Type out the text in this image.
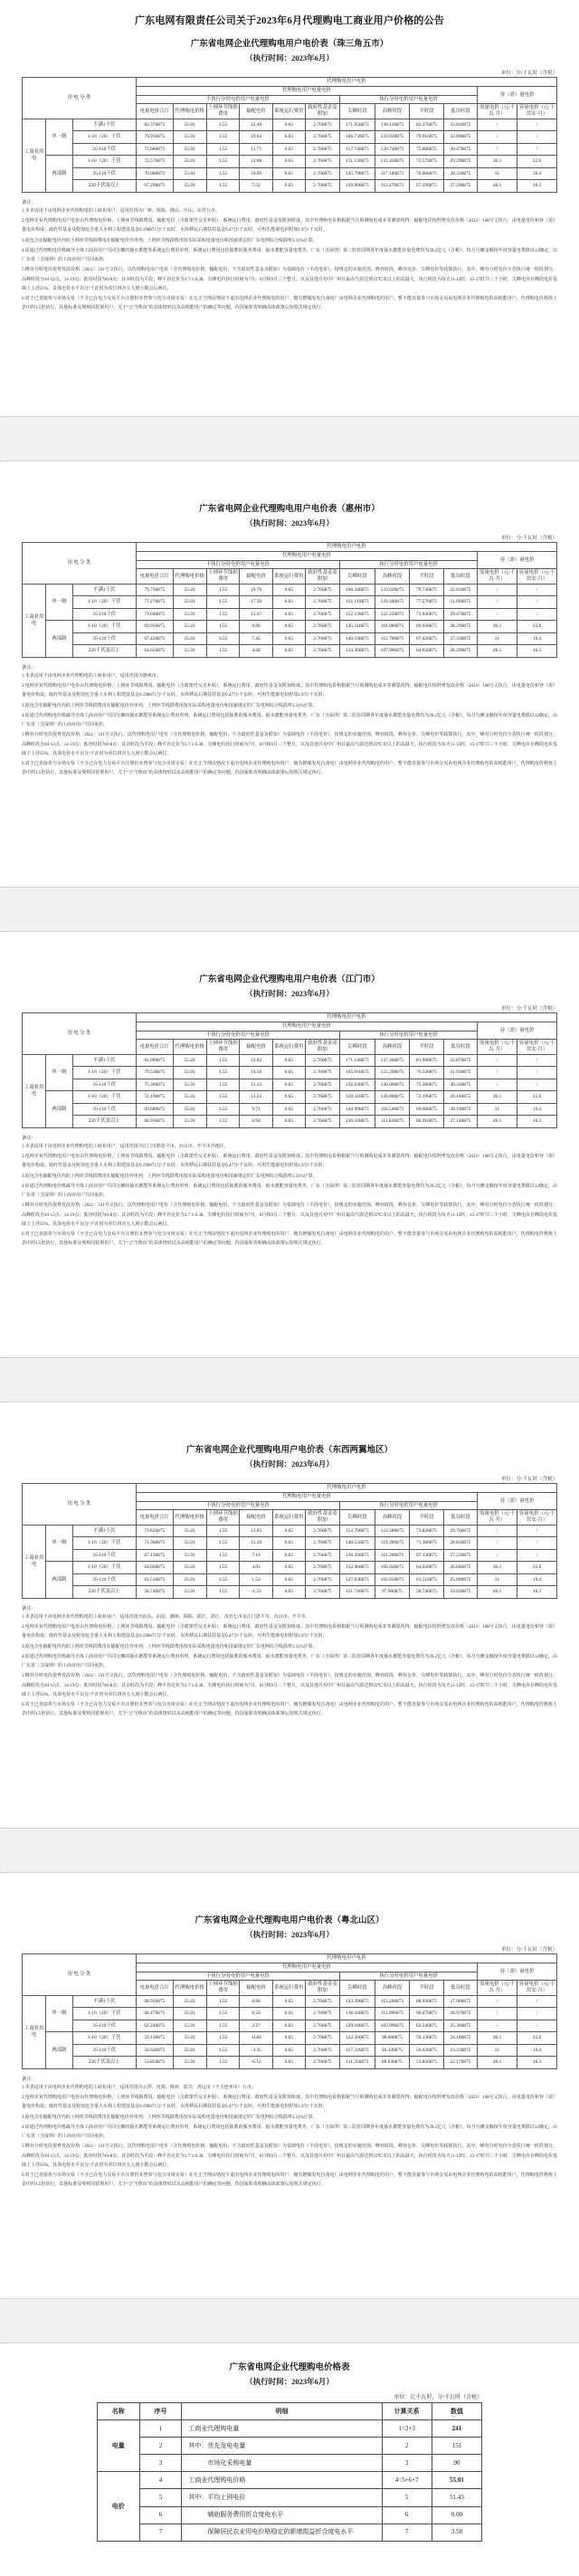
广东电网有限责任公司关于2023年6月代理购电工商业用户价格的公告
广东省电网企业代理购电用户电价表（珠三角五市）
（执行时间：2023年6月）
单位：分/千瓦时（含税）
用 电 分 类			代理购电用户电价											
			代理购电用户电量电价										容（需）量电价	
			不执行分时电价用户电量电价						执行分时电价用户电量电价					
			电量电价合计	代理购电价格	上网环节线损费用	输配电价	系统运行费用	政府性基金及附加	尖峰时段	高峰时段	平时段	低谷时段	需量电价（元/千瓦·月）	容量电价（元/千伏安·月）
工商业用电	单一制	不满1千伏	82.376875	55.01	1.55	22.40	0.65	2.766875	171.956875	138.116875	82.376875	33.016875	/	/
		1-10（20）千伏	79.916875	55.01	1.55	19.94	0.65	2.766875	166.736875	133.936875	79.916875	32.096875	/	/
		35-110千伏	75.686875	55.01	1.55	15.71	0.65	2.766875	157.746875	126.746875	75.686875	30.476875	/	/
	两部制	1-10（20）千伏	72.576875	55.01	1.55	12.60	0.65	2.766875	151.136875	121.456875	72.576875	29.296875	36.1	22.6
		35-110千伏	70.066875	55.01	1.55	10.09	0.65	2.766875	145.796875	117.186875	70.066875	28.336875	31	19.4
		220千伏及以上	67.296875	55.01	1.55	7.32	0.65	2.766875	139.906875	112.476875	67.296875	27.296875	26.1	16.3
备注：

1.本表适用于由电网企业代理购电的工商业用户，适用范围为广州、珠海、佛山、中山、东莞五市。

2.电网企业代理购电用户电价由代理购电价格、上网环节线损费用、输配电价（含政策性交叉补贴）、系统运行费用、政府性基金及附加组成。其中代理购电价格根据当月预测购电成本等测算所得；输配电价按照粤发改价格〔2023〕148号文执行，由电量电价和容（需）量电价构成；政府性基金及附加包含重大水利工程建设基金0.196875分/千瓦时，水库移民后期扶持基金0.47分/千瓦时，可再生能源电价附加1.9分/千瓦时。

3.原包含在输配电价内的上网环节线损费用在输配电价外单列，上网环节线损费用按实际采购电量电价和国家规定的广东电网综合线损率3.31%计算。

4.原通过代理购电价格疏导全体工商业用户共同分摊的抽水蓄能等系统运行费用单列，系统运行费用包括抽蓄的服务费用、抽水蓄能容量电费等，广东（含深圳）第三监管周期各年度抽水蓄能容量电费均为39.2亿元（含税），每月分摊金额按年度容量电费除以12确定，由广东省（含深圳）的工商业用户共同承担。

5.峰谷分时电价按粤发改价格〔2021〕331号文执行，以代理购电用户电价（含代理购电价格、输配电价，不含政府性基金及附加）为基础电价（平段电价），按规定的实施范围、峰谷时段、峰谷比价、尖峰电价等政策执行。其中，峰谷分时电价全省执行统一时段划分，高峰时段为10-12点、14-19点；低谷时段为0-8点；其余时段为平段；峰平谷比价为1.7:1:0.38。尖峰电价执行时间为7月、8月和9月三个整月，以及其他月份中广州日最高气温达到35℃及以上的高温天，执行时段为每天11-12时、15-17时共三个小时，尖峰电价在峰段电价基础上上浮25%。具体电价水平以分/千瓦时为单位四舍五入到小数点后两位。

6.对于已直接参与市场交易（不含已在电力交易平台注册但未曾参与电力市场交易）在无正当理由情况下退出电网企业代理购电的用户、拥有燃煤发电自备电厂由电网企业代理购电的用户、暂不能直接参与市场交易由电网企业代理购电的高耗能用户，代理购电价格按上表中的1.5倍执行，其他标准及规则同常规用户。关于“正当理由”的具体情形以及高耗能用户的确定等问题，待国家和省明确具体政策后按相关规定执行。

广东省电网企业代理购电用户电价表（惠州市）
（执行时间：2023年6月）
单位：分/千瓦时（含税）
用 电 分 类			代理购电用户电价											
			代理购电用户电量电价										容（需）量电价	
			不执行分时电价用户电量电价						执行分时电价用户电量电价					
			电量电价合计	代理购电价格	上网环节线损费用	输配电价	系统运行费用	政府性基金及附加	尖峰时段	高峰时段	平时段	低谷时段	需量电价（元/千瓦·月）	容量电价（元/千伏安·月）
工商业用电	单一制	不满1千伏	79.736875	55.01	1.55	19.76	0.65	2.766875	166.346875	133.626875	79.736875	32.016875	/	/
		1-10（20）千伏	77.276875	55.01	1.55	17.30	0.65	2.766875	161.116875	129.446875	77.276875	31.096875	/	/
		35-110千伏	73.046875	55.01	1.55	13.07	0.65	2.766875	152.136875	122.256875	73.046875	29.476875	/	/
	两部制	1-10（20）千伏	69.936875	55.01	1.55	9.96	0.65	2.766875	145.516875	116.966875	69.936875	28.296875	36.1	22.6
		35-110千伏	67.426875	55.01	1.55	7.45	0.65	2.766875	140.196875	112.706875	67.426875	27.336875	31	19.4
		220千伏及以上	64.656875	55.01	1.55	4.68	0.65	2.766875	134.306875	107.996875	64.656875	26.296875	26.1	16.3
备注：

1.本表适用于由电网企业代理购电的工商业用户，适用范围为惠州市。

2.电网企业代理购电用户电价由代理购电价格、上网环节线损费用、输配电价（含政策性交叉补贴）、系统运行费用、政府性基金及附加组成。其中代理购电价格根据当月预测购电成本等测算所得；输配电价按照粤发改价格〔2023〕148号文执行，由电量电价和容（需）量电价构成；政府性基金及附加包含重大水利工程建设基金0.196875分/千瓦时，水库移民后期扶持基金0.47分/千瓦时，可再生能源电价附加1.9分/千瓦时。

3.原包含在输配电价内的上网环节线损费用在输配电价外单列，上网环节线损费用按实际采购电量电价和国家规定的广东电网综合线损率3.31%计算。

4.原通过代理购电价格疏导全体工商业用户共同分摊的抽水蓄能等系统运行费用单列，系统运行费用包括抽蓄的服务费用、抽水蓄能容量电费等，广东（含深圳）第三监管周期各年度抽水蓄能容量电费均为39.2亿元（含税），每月分摊金额按年度容量电费除以12确定，由广东省（含深圳）的工商业用户共同承担。

5.峰谷分时电价按粤发改价格〔2021〕331号文执行，以代理购电用户电价（含代理购电价格、输配电价，不含政府性基金及附加）为基础电价（平段电价），按规定的实施范围、峰谷时段、峰谷比价、尖峰电价等政策执行。其中，峰谷分时电价全省执行统一时段划分，高峰时段为10-12点、14-19点；低谷时段为0-8点；其余时段为平段；峰平谷比价为1.7:1:0.38。尖峰电价执行时间为7月、8月和9月三个整月，以及其他月份中广州日最高气温达到35℃及以上的高温天，执行时段为每天11-12时、15-17时共三个小时，尖峰电价在峰段电价基础上上浮25%。具体电价水平以分/千瓦时为单位四舍五入到小数点后两位。

6.对于已直接参与市场交易（不含已在电力交易平台注册但未曾参与电力市场交易）在无正当理由情况下退出电网企业代理购电的用户、拥有燃煤发电自备电厂由电网企业代理购电的用户、暂不能直接参与市场交易由电网企业代理购电的高耗能用户，代理购电价格按上表中的1.5倍执行，其他标准及规则同常规用户。关于“正当理由”的具体情形以及高耗能用户的确定等问题，待国家和省明确具体政策后按相关规定执行。

广东省电网企业代理购电用户电价表（江门市）
（执行时间：2023年6月）
单位：分/千瓦时（含税）
用 电 分 类			代理购电用户电价											
			代理购电用户电量电价										容（需）量电价	
			不执行分时电价用户电量电价						执行分时电价用户电量电价					
			电量电价合计	代理购电价格	上网环节线损费用	输配电价	系统运行费用	政府性基金及附加	尖峰时段	高峰时段	平时段	低谷时段	需量电价（元/千瓦·月）	容量电价（元/千伏安·月）
工商业用电	单一制	不满1千伏	81.996875	55.01	1.55	22.02	0.65	2.766875	171.146875	137.466875	81.996875	32.876875	/	/
		1-10（20）千伏	79.536875	55.01	1.55	19.56	0.65	2.766875	165.916875	133.296875	79.536875	31.936875	/	/
		35-110千伏	75.306875	55.01	1.55	15.33	0.65	2.766875	156.936875	126.096875	75.306875	30.336875	/	/
	两部制	1-10（20）千伏	72.196875	55.01	1.55	12.22	0.65	2.766875	150.316875	120.806875	72.196875	29.146875	36.1	22.6
		35-110千伏	69.686875	55.01	1.55	9.71	0.65	2.766875	144.996875	116.546875	69.686875	28.196875	31	19.4
		220千伏及以上	66.916875	55.01	1.55	6.94	0.65	2.766875	139.106875	111.836875	66.916875	27.146875	26.1	16.3
备注：

1.本表适用于由电网企业代理购电的工商业用户，适用范围为江门市除恩平市、台山市、开平市外地区。

2.电网企业代理购电用户电价由代理购电价格、上网环节线损费用、输配电价（含政策性交叉补贴）、系统运行费用、政府性基金及附加组成。其中代理购电价格根据当月预测购电成本等测算所得；输配电价按照粤发改价格〔2023〕148号文执行，由电量电价和容（需）量电价构成；政府性基金及附加包含重大水利工程建设基金0.196875分/千瓦时，水库移民后期扶持基金0.47分/千瓦时，可再生能源电价附加1.9分/千瓦时。

3.原包含在输配电价内的上网环节线损费用在输配电价外单列，上网环节线损费用按实际采购电量电价和国家规定的广东电网综合线损率3.31%计算。

4.原通过代理购电价格疏导全体工商业用户共同分摊的抽水蓄能等系统运行费用单列，系统运行费用包括抽蓄的服务费用、抽水蓄能容量电费等，广东（含深圳）第三监管周期各年度抽水蓄能容量电费均为39.2亿元（含税），每月分摊金额按年度容量电费除以12确定，由广东省（含深圳）的工商业用户共同承担。

5.峰谷分时电价按粤发改价格〔2021〕331号文执行，以代理购电用户电价（含代理购电价格、输配电价，不含政府性基金及附加）为基础电价（平段电价），按规定的实施范围、峰谷时段、峰谷比价、尖峰电价等政策执行。其中，峰谷分时电价全省执行统一时段划分，高峰时段为10-12点、14-19点；低谷时段为0-8点；其余时段为平段；峰平谷比价为1.7:1:0.38。尖峰电价执行时间为7月、8月和9月三个整月，以及其他月份中广州日最高气温达到35℃及以上的高温天，执行时段为每天11-12时、15-17时共三个小时，尖峰电价在峰段电价基础上上浮25%。具体电价水平以分/千瓦时为单位四舍五入到小数点后两位。

6.对于已直接参与市场交易（不含已在电力交易平台注册但未曾参与电力市场交易）在无正当理由情况下退出电网企业代理购电的用户、拥有燃煤发电自备电厂由电网企业代理购电的用户、暂不能直接参与市场交易由电网企业代理购电的高耗能用户，代理购电价格按上表中的1.5倍执行，其他标准及规则同常规用户。关于“正当理由”的具体情形以及高耗能用户的确定等问题，待国家和省明确具体政策后按相关规定执行。

广东省电网企业代理购电用户电价表（东西两翼地区）
（执行时间：2023年6月）
单位：分/千瓦时（含税）
用 电 分 类			代理购电用户电价											
			代理购电用户电量电价										容（需）量电价	
			不执行分时电价用户电量电价						执行分时电价用户电量电价					
			电量电价合计	代理购电价格	上网环节线损费用	输配电价	系统运行费用	政府性基金及附加	尖峰时段	高峰时段	平时段	低谷时段	需量电价（元/千瓦·月）	容量电价（元/千伏安·月）
工商业用电	单一制	不满1千伏	73.826875	55.01	1.55	13.85	0.65	2.766875	153.796875	123.586875	73.826875	29.766875	/	/
		1-10（20）千伏	71.366875	55.01	1.55	11.39	0.65	2.766875	148.556875	119.396875	71.366875	28.836875	/	/
		35-110千伏	67.136875	55.01	1.55	7.16	0.65	2.766875	139.566875	112.206875	67.136875	27.226875	/	/
	两部制	1-10（20）千伏	64.026875	55.01	1.55	4.05	0.65	2.766875	132.966875	106.926875	64.026875	26.046875	36.1	22.6
		35-110千伏	61.516875	55.01	1.55	1.54	0.65	2.766875	127.636875	102.656875	61.516875	25.096875	31	19.4
		220千伏及以上	58.746875	55.01	1.55	-1.23	0.65	2.766875	121.746875	97.966875	58.746875	24.036875	26.1	16.3
备注：

1.本表适用于由电网企业代理购电的工商业用户，适用范围为汕头、汕尾、潮州、揭阳、阳江、湛江、茂名七市及江门恩平市、台山市、开平市。

2.电网企业代理购电用户电价由代理购电价格、上网环节线损费用、输配电价（含政策性交叉补贴）、系统运行费用、政府性基金及附加组成。其中代理购电价格根据当月预测购电成本等测算所得；输配电价按照粤发改价格〔2023〕148号文执行，由电量电价和容（需）量电价构成；政府性基金及附加包含重大水利工程建设基金0.196875分/千瓦时，水库移民后期扶持基金0.47分/千瓦时，可再生能源电价附加1.9分/千瓦时。

3.原包含在输配电价内的上网环节线损费用在输配电价外单列，上网环节线损费用按实际采购电量电价和国家规定的广东电网综合线损率3.31%计算。

4.原通过代理购电价格疏导全体工商业用户共同分摊的抽水蓄能等系统运行费用单列，系统运行费用包括抽蓄的服务费用、抽水蓄能容量电费等，广东（含深圳）第三监管周期各年度抽水蓄能容量电费均为39.2亿元（含税），每月分摊金额按年度容量电费除以12确定，由广东省（含深圳）的工商业用户共同承担。

5.峰谷分时电价按粤发改价格〔2021〕331号文执行，以代理购电用户电价（含代理购电价格、输配电价，不含政府性基金及附加）为基础电价（平段电价），按规定的实施范围、峰谷时段、峰谷比价、尖峰电价等政策执行。其中，峰谷分时电价全省执行统一时段划分，高峰时段为10-12点、14-19点；低谷时段为0-8点；其余时段为平段；峰平谷比价为1.7:1:0.38。尖峰电价执行时间为7月、8月和9月三个整月，以及其他月份中广州日最高气温达到35℃及以上的高温天，执行时段为每天11-12时、15-17时共三个小时，尖峰电价在峰段电价基础上上浮25%。具体电价水平以分/千瓦时为单位四舍五入到小数点后两位。

6.对于已直接参与市场交易（不含已在电力交易平台注册但未曾参与电力市场交易）在无正当理由情况下退出电网企业代理购电的用户、拥有燃煤发电自备电厂由电网企业代理购电的用户、暂不能直接参与市场交易由电网企业代理购电的高耗能用户，代理购电价格按上表中的1.5倍执行，其他标准及规则同常规用户。关于“正当理由”的具体情形以及高耗能用户的确定等问题，待国家和省明确具体政策后按相关规定执行。

广东省电网企业代理购电用户电价表（粤北山区）
（执行时间：2023年6月）
单位：分/千瓦时（含税）
用 电 分 类			代理购电用户电价											
			代理购电用户电量电价										容（需）量电价	
			不执行分时电价用户电量电价						执行分时电价用户电量电价					
			电量电价合计	代理购电价格	上网环节线损费用	输配电价	系统运行费用	政府性基金及附加	尖峰时段	高峰时段	平时段	低谷时段	需量电价（元/千瓦·月）	容量电价（元/千伏安·月）
工商业用电	单一制	不满1千伏	68.936875	55.01	1.55	8.96	0.65	2.766875	143.396875	115.266875	68.936875	27.906875	/	/
		1-10（20）千伏	66.476875	55.01	1.55	6.50	0.65	2.766875	138.166875	111.096875	66.476875	26.976875	/	/
		35-110千伏	62.246875	55.01	1.55	2.27	0.65	2.766875	129.186875	103.996875	62.246875	25.366875	/	/
	两部制	1-10（20）千伏	59.136875	55.01	1.55	-0.84	0.65	2.766875	122.566875	98.606875	59.136875	24.186875	36.1	22.6
		35-110千伏	56.626875	55.01	1.55	-3.35	0.65	2.766875	117.226875	94.336875	56.626875	23.236875	31	19.4
		220千伏及以上	53.856875	55.01	1.55	-6.12	0.65	2.766875	111.356875	89.636875	53.856875	22.176875	26.1	16.3
备注：

1.本表适用于由电网企业代理购电的工商业用户，适用范围为云浮、河源、梅州、韶关、清远市（不含连州市）五市。

2.电网企业代理购电用户电价由代理购电价格、上网环节线损费用、输配电价（含政策性交叉补贴）、系统运行费用、政府性基金及附加组成。其中代理购电价格根据当月预测购电成本等测算所得；输配电价按照粤发改价格〔2023〕148号文执行，由电量电价和容（需）量电价构成；政府性基金及附加包含重大水利工程建设基金0.196875分/千瓦时，水库移民后期扶持基金0.47分/千瓦时，可再生能源电价附加1.9分/千瓦时。

3.原包含在输配电价内的上网环节线损费用在输配电价外单列，上网环节线损费用按实际采购电量电价和国家规定的广东电网综合线损率3.31%计算。

4.原通过代理购电价格疏导全体工商业用户共同分摊的抽水蓄能等系统运行费用单列，系统运行费用包括抽蓄的服务费用、抽水蓄能容量电费等，广东（含深圳）第三监管周期各年度抽水蓄能容量电费均为39.2亿元（含税），每月分摊金额按年度容量电费除以12确定，由广东省（含深圳）的工商业用户共同承担。

5.峰谷分时电价按粤发改价格〔2021〕331号文执行，以代理购电用户电价（含代理购电价格、输配电价，不含政府性基金及附加）为基础电价（平段电价），按规定的实施范围、峰谷时段、峰谷比价、尖峰电价等政策执行。其中，峰谷分时电价全省执行统一时段划分，高峰时段为10-12点、14-19点；低谷时段为0-8点；其余时段为平段；峰平谷比价为1.7:1:0.38。尖峰电价执行时间为7月、8月和9月三个整月，以及其他月份中广州日最高气温达到35℃及以上的高温天，执行时段为每天11-12时、15-17时共三个小时，尖峰电价在峰段电价基础上上浮25%。具体电价水平以分/千瓦时为单位四舍五入到小数点后两位。

6.对于已直接参与市场交易（不含已在电力交易平台注册但未曾参与电力市场交易）在无正当理由情况下退出电网企业代理购电的用户、拥有燃煤发电自备电厂由电网企业代理购电的用户、暂不能直接参与市场交易由电网企业代理购电的高耗能用户，代理购电价格按上表中的1.5倍执行，其他标准及规则同常规用户。关于“正当理由”的具体情形以及高耗能用户的确定等问题，待国家和省明确具体政策后按相关规定执行。

广东省电网企业代理购电价格表
（执行时间：2023年6月）
单位：亿千瓦时，分/千瓦时（含税）
名称	序号	明细	计算关系	数值
电量	1	工商业代理购电量	1=2+3	241
	2	其中：优先发电电量	2	151
	3	市场化采购电量	3	90
电价	4	工商业代理购电价格	4=5+6+7	55.01
	5	其中：平均上网电价	5	51.43
	6	辅助服务费用折合度电水平	6	0.00
	7	保障居民农业用电价格稳定的新增损益折合度电水平	7	3.58
